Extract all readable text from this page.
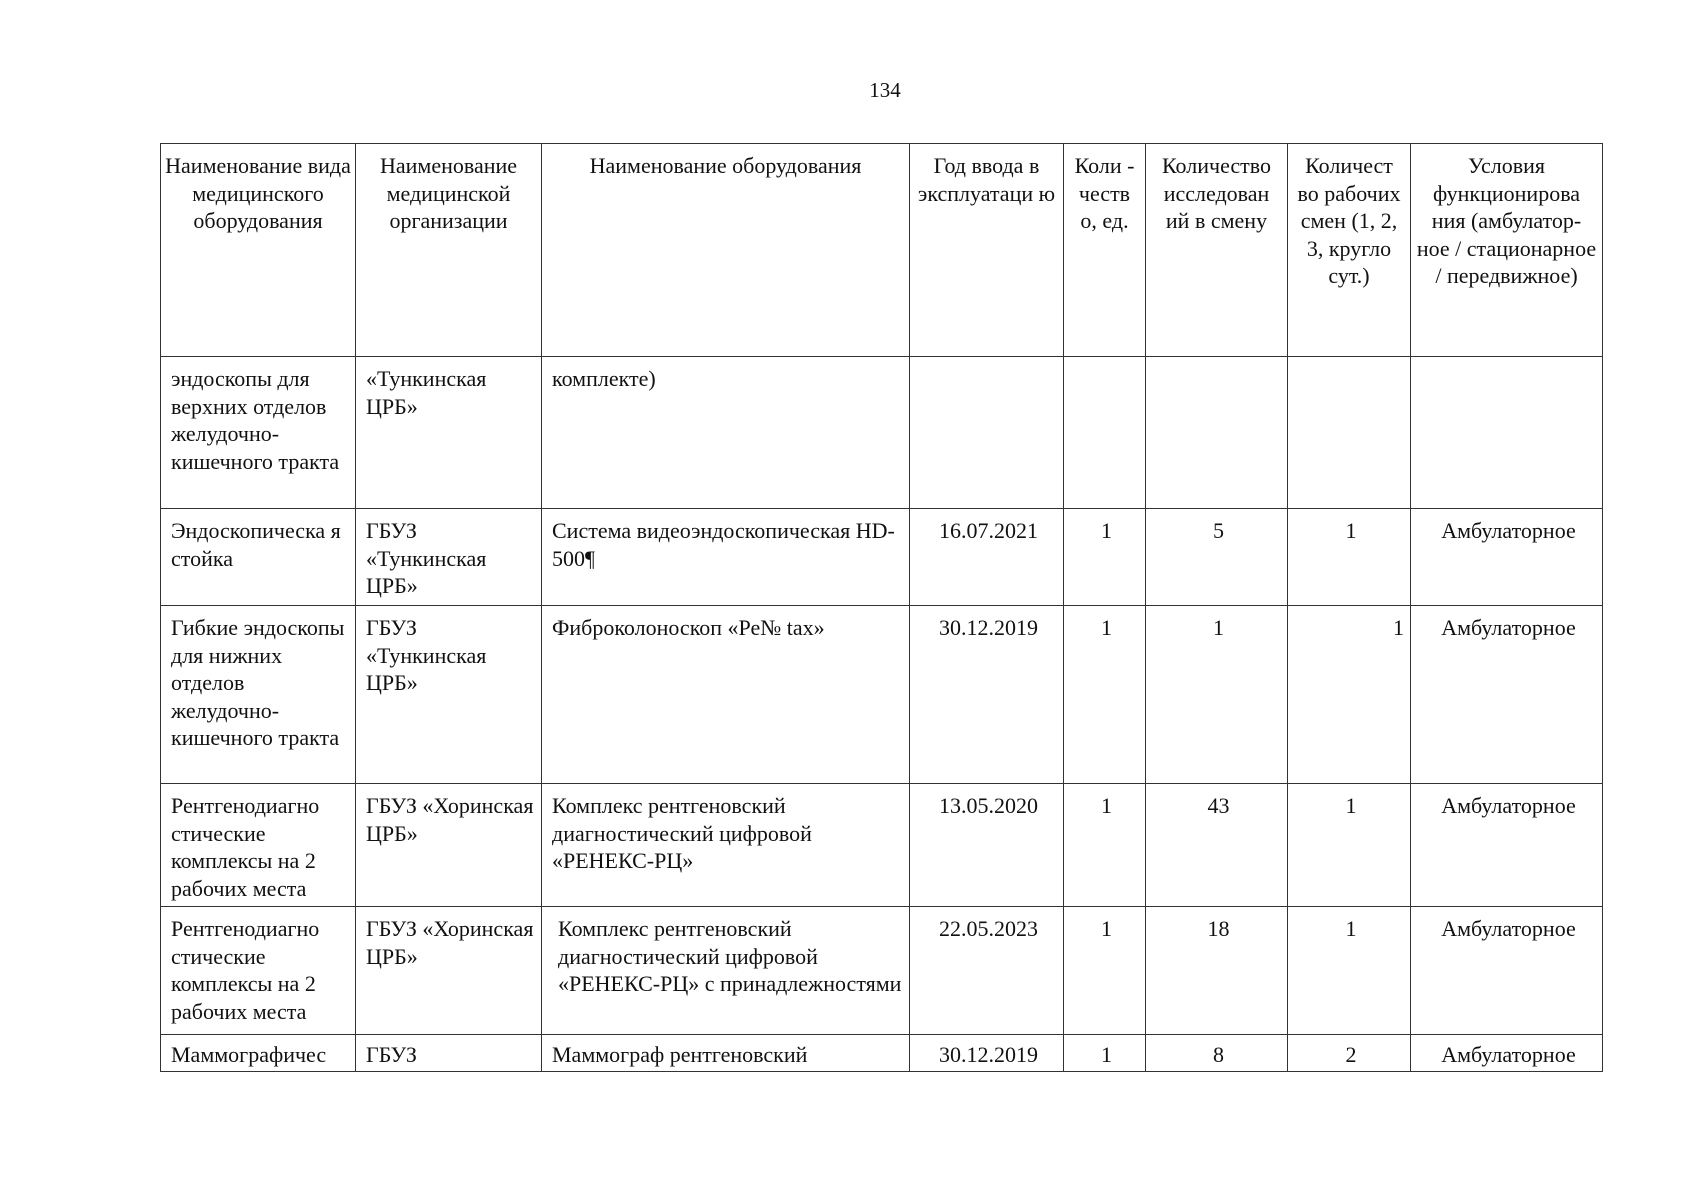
134
Наименование вида медицинского оборудования	Наименование медицинской организации	Наименование оборудования	Год ввода в эксплуатаци ю	Коли - честв о, ед.	Количество исследован ий в смену	Количест во рабочих смен (1, 2, 3, кругло сут.)	Условия функционирова ния (амбулатор- ное / стационарное / передвижное)
эндоскопы для верхних отделов желудочно- кишечного тракта	«Тункинская ЦРБ»	комплекте)					
Эндоскопическа я стойка	ГБУЗ «Тункинская ЦРБ»	Система видеоэндоскопическая HD-500¶	16.07.2021	1	5	1	Амбулаторное
Гибкие эндоскопы для нижних отделов желудочно- кишечного тракта	ГБУЗ «Тункинская ЦРБ»	Фиброколоноскоп «Ре№ tax»	30.12.2019	1	1	1	Амбулаторное
Рентгенодиагно стические комплексы на 2 рабочих места	ГБУЗ «Хоринская ЦРБ»	Комплекс рентгеновский диагностический цифровой «РЕНЕКС-РЦ»	13.05.2020	1	43	1	Амбулаторное
Рентгенодиагно стические комплексы на 2 рабочих места	ГБУЗ «Хоринская ЦРБ»	Комплекс рентгеновский диагностический цифровой «РЕНЕКС-РЦ» с принадлежностями	22.05.2023	1	18	1	Амбулаторное
Маммографичес	ГБУЗ	Маммограф рентгеновский	30.12.2019	1	8	2	Амбулаторное
